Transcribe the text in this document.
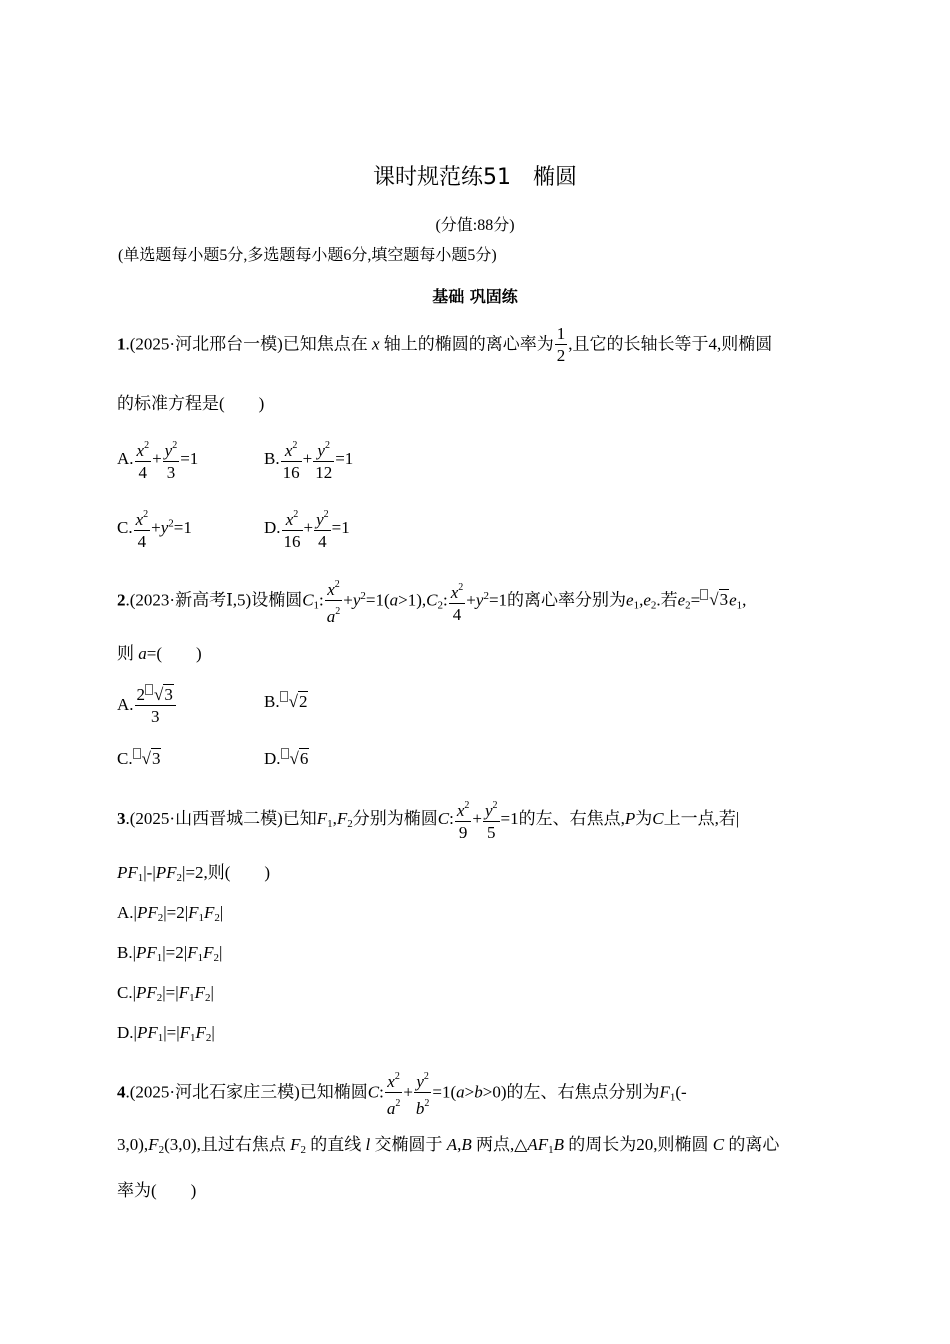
课时规范练51　椭圆
(分值:88分)
(单选题每小题5分,多选题每小题6分,填空题每小题5分)
基础 巩固练
1.(2025·河北邢台一模)已知焦点在 x 轴上的椭圆的离心率为 $\frac{1}{2}$ ,且它的长轴长等于4,则椭圆
的标准方程是(　　)
A. $\frac{x^2}{4} + \frac{y^2}{3} =1$	B. $\frac{x^2}{16} + \frac{y^2}{12} =1$
C. $\frac{x^2}{4} +y^2=1$	D. $\frac{x^2}{16} + \frac{y^2}{4} =1$
2.(2023·新高考Ⅰ,5)设椭圆$C_1$: $\frac{x^2}{a^2} +y^2=1(a>1),C_2$: $\frac{x^2}{4} +y^2=1$的离心率分别为$e_1,e_2$.若$e_2= √3e_1$,
则 a=(　　)
A. $\frac{2 √3}{3}$	B. √2
C. √3	D. √6
3.(2025·山西晋城二模)已知$F_1,F_2$分别为椭圆C: $\frac{x^2}{9} + \frac{y^2}{5} =1$的左、右焦点,P为C上一点,若|
$PF_1|-|PF_2|=2$,则(　　)
$A.|PF_2|=2|F_1F_2|$
$B.|PF_1|=2|F_1F_2|$
$C.|PF_2|=|F_1F_2|$
$D.|PF_1|=|F_1F_2|$
4.(2025·河北石家庄三模)已知椭圆C: $\frac{x^2}{a^2} + \frac{y^2}{b^2} =1(a>b>0)$的左、右焦点分别为$F_1(-$
$3,0),F_2(3,0)$,且过右焦点 $F_2$ 的直线 l 交椭圆于 A,B 两点$,\triangle AF_1B$ 的周长为20,则椭圆 C 的离心
率为(　　)
